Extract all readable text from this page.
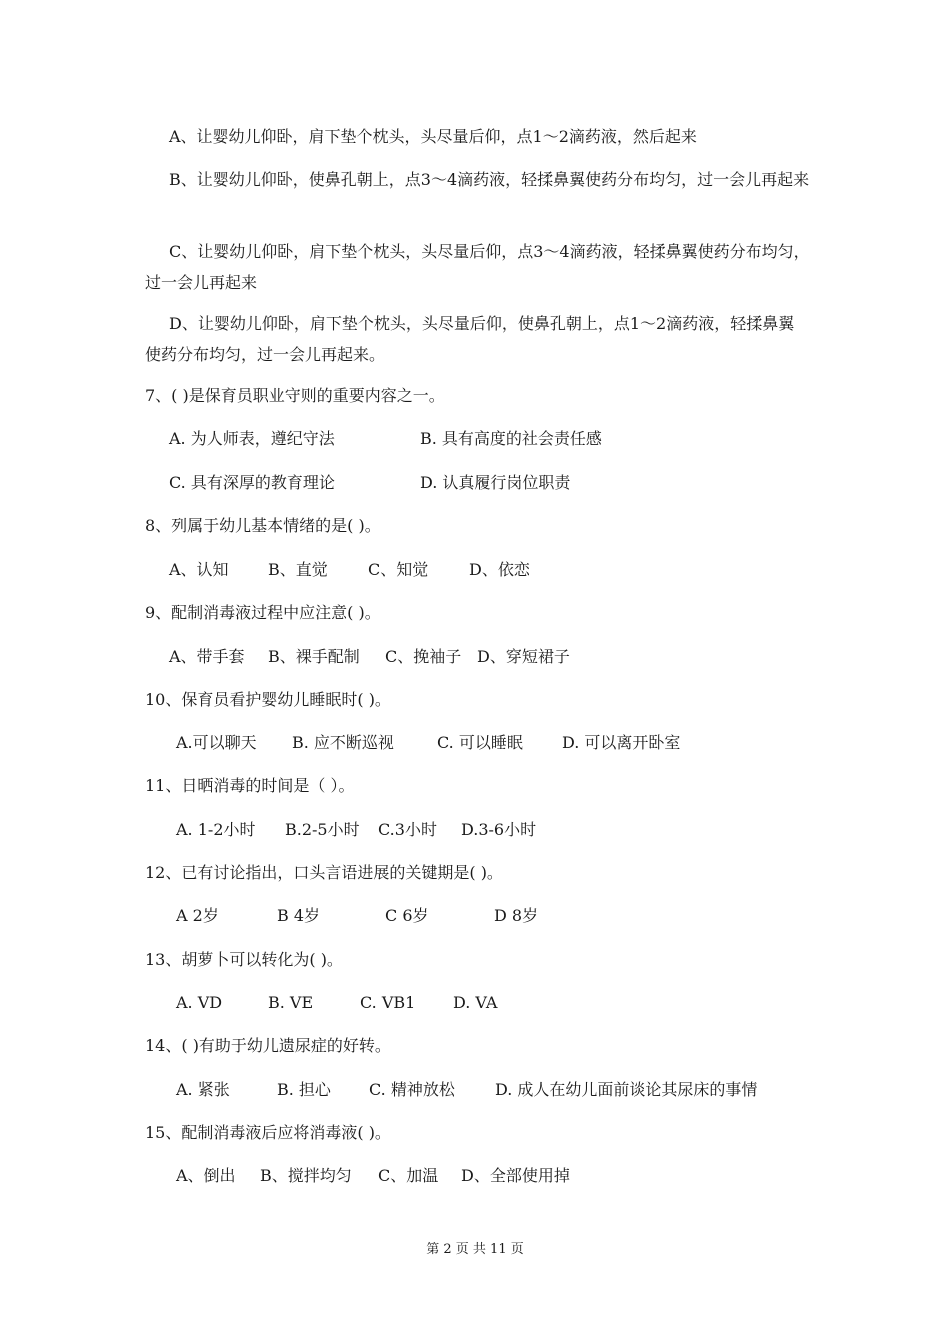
A、让婴幼儿仰卧，肩下垫个枕头，头尽量后仰，点1～2滴药液，然后起来

B、让婴幼儿仰卧，使鼻孔朝上，点3～4滴药液，轻揉鼻翼使药分布均匀，过一会儿再起来

C、让婴幼儿仰卧，肩下垫个枕头，头尽量后仰，点3～4滴药液，轻揉鼻翼使药分布均匀，过一会儿再起来

D、让婴幼儿仰卧，肩下垫个枕头，头尽量后仰，使鼻孔朝上，点1～2滴药液，轻揉鼻翼使药分布均匀，过一会儿再起来。

7、( )是保育员职业守则的重要内容之一。

A. 为人师表，遵纪守法	B. 具有高度的社会责任感

C. 具有深厚的教育理论	D. 认真履行岗位职责

8、列属于幼儿基本情绪的是( )。

A、认知 B、直觉	C、知觉	D、依恋

9、配制消毒液过程中应注意( )。

A、带手套 B、裸手配制 C、挽袖子 D、穿短裙子

10、保育员看护婴幼儿睡眠时( )。

A.可以聊天 B. 应不断巡视	C. 可以睡眠 D. 可以离开卧室

11、日晒消毒的时间是（ ）。

A. 1-2小时 B.2-5小时 C.3小时 D.3-6小时

12、已有讨论指出，口头言语进展的关键期是( )。

A 2岁	B 4岁	C 6岁	D 8岁

13、胡萝卜可以转化为( )。

A. VD	B. VE	C. VB1 D. VA

14、( )有助于幼儿遗尿症的好转。

A. 紧张	B. 担心 C. 精神放松	D. 成人在幼儿面前谈论其尿床的事情

15、配制消毒液后应将消毒液( )。

A、倒出 B、搅拌均匀 C、加温 D、全部使用掉

第 2 页 共 11 页
